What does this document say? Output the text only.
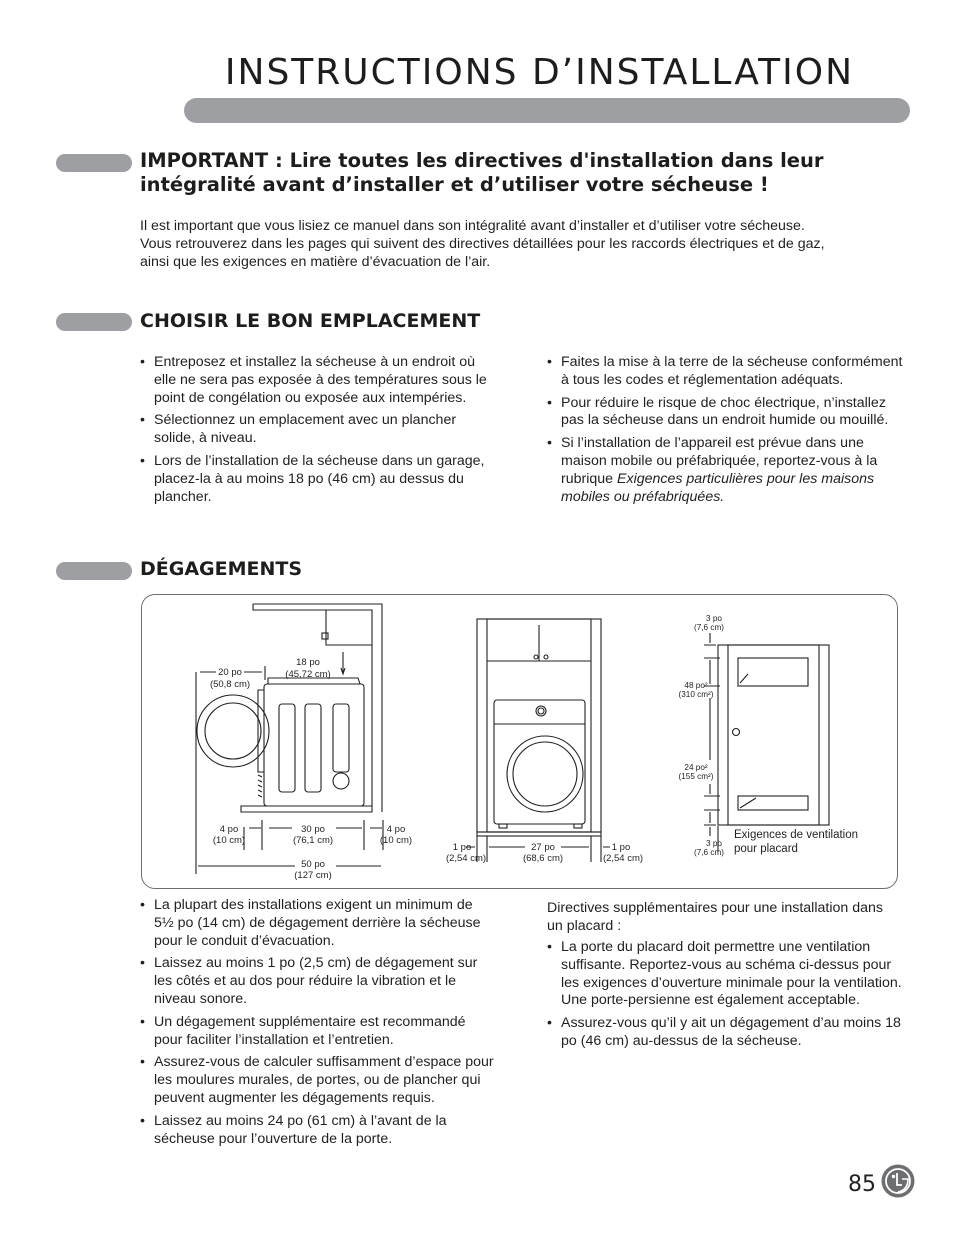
INSTRUCTIONS D’INSTALLATION
IMPORTANT : Lire toutes les directives d'installation dans leur
intégralité avant d’installer et d’utiliser votre sécheuse !
Il est important que vous lisiez ce manuel dans son intégralité avant d’installer et d’utiliser votre sécheuse.
Vous retrouverez dans les pages qui suivent des directives détaillées pour les raccords électriques et de gaz,
ainsi que les exigences en matière d’évacuation de l’air.
CHOISIR LE BON EMPLACEMENT
• Entreposez et installez la sécheuse à un endroit où elle ne sera pas exposée à des températures sous le point de congélation ou exposée aux intempéries.
• Sélectionnez un emplacement avec un plancher solide, à niveau.
• Lors de l’installation de la sécheuse dans un garage, placez-la à au moins 18 po (46 cm) au dessus du plancher.
• Faites la mise à la terre de la sécheuse conformément à tous les codes et réglementation adéquats.
• Pour réduire le risque de choc électrique, n’installez pas la sécheuse dans un endroit humide ou mouillé.
• Si l’installation de l’appareil est prévue dans une maison mobile ou préfabriquée, reportez-vous à la rubrique Exigences particulières pour les maisons mobiles ou préfabriquées.
DÉGAGEMENTS
18 po
(45,72 cm)
20 po
(50,8 cm)
4 po
(10 cm)
30 po
(76,1 cm)
4 po
(10 cm)
50 po
(127 cm)
1 po
(2,54 cm)
27 po
(68,6 cm)
1 po
(2,54 cm)
3 po
(7,6 cm)
48 po²
(310 cm²)
24 po²
(155 cm²)
3 po
(7,6 cm)
Exigences de ventilation
pour placard
• La plupart des installations exigent un minimum de 5½ po (14 cm) de dégagement derrière la sécheuse pour le conduit d’évacuation.
• Laissez au moins 1 po (2,5 cm) de dégagement sur les côtés et au dos pour réduire la vibration et le niveau sonore.
• Un dégagement supplémentaire est recommandé pour faciliter l’installation et l’entretien.
• Assurez-vous de calculer suffisamment d’espace pour les moulures murales, de portes, ou de plancher qui peuvent augmenter les dégagements requis.
• Laissez au moins 24 po (61 cm) à l’avant de la sécheuse pour l’ouverture de la porte.
Directives supplémentaires pour une installation dans un placard :
• La porte du placard doit permettre une ventilation suffisante. Reportez-vous au schéma ci-dessus pour les exigences d’ouverture minimale pour la ventilation. Une porte-persienne est également acceptable.
• Assurez-vous qu’il y ait un dégagement d’au moins 18 po (46 cm) au-dessus de la sécheuse.
85
LG
